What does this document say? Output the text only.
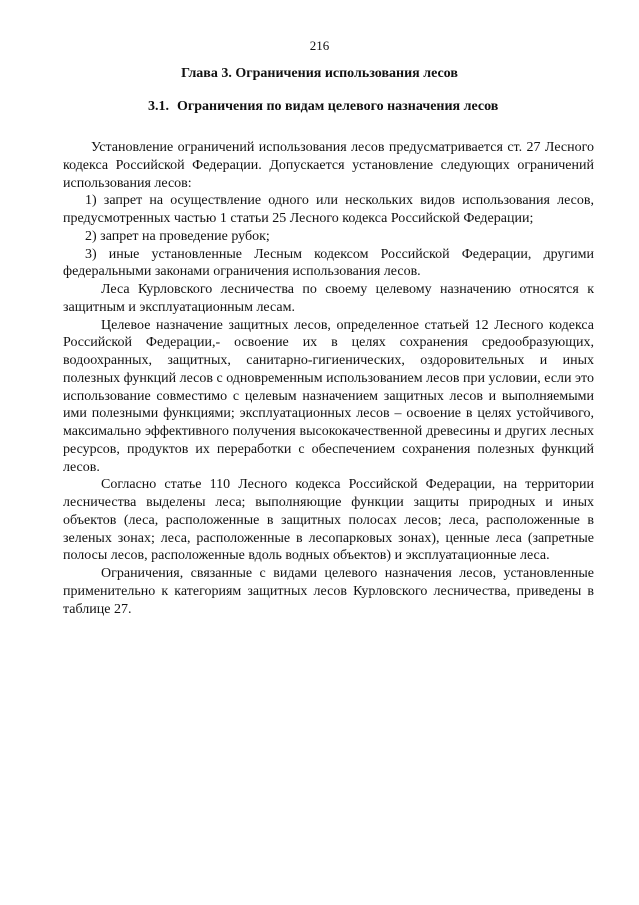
216
Глава 3. Ограничения использования лесов
3.1. Ограничения по видам целевого назначения лесов

Установление ограничений использования лесов предусматривается ст. 27 Лесного кодекса Российской Федерации. Допускается установление следующих ограничений использования лесов:

1) запрет на осуществление одного или нескольких видов использования лесов, предусмотренных частью 1 статьи 25 Лесного кодекса Российской Федерации;

2) запрет на проведение рубок;

3) иные установленные Лесным кодексом Российской Федерации, другими федеральными законами ограничения использования лесов.

Леса Курловского лесничества по своему целевому назначению относятся к защитным и эксплуатационным лесам.

Целевое назначение защитных лесов, определенное статьей 12 Лесного кодекса Российской Федерации,- освоение их в целях сохранения средообразующих, водоохранных, защитных, санитарно-гигиенических, оздоровительных и иных полезных функций лесов с одновременным использованием лесов при условии, если это использование совместимо с целевым назначением защитных лесов и выполняемыми ими полезными функциями; эксплуатационных лесов – освоение в целях устойчивого, максимально эффективного получения высококачественной древесины и других лесных ресурсов, продуктов их переработки с обеспечением сохранения полезных функций лесов.

Согласно статье 110 Лесного кодекса Российской Федерации, на территории лесничества выделены леса; выполняющие функции защиты природных и иных объектов (леса, расположенные в защитных полосах лесов; леса, расположенные в зеленых зонах; леса, расположенные в лесопарковых зонах), ценные леса (запретные полосы лесов, расположенные вдоль водных объектов) и эксплуатационные леса.

Ограничения, связанные с видами целевого назначения лесов, установленные применительно к категориям защитных лесов Курловского лесничества, приведены в таблице 27.
